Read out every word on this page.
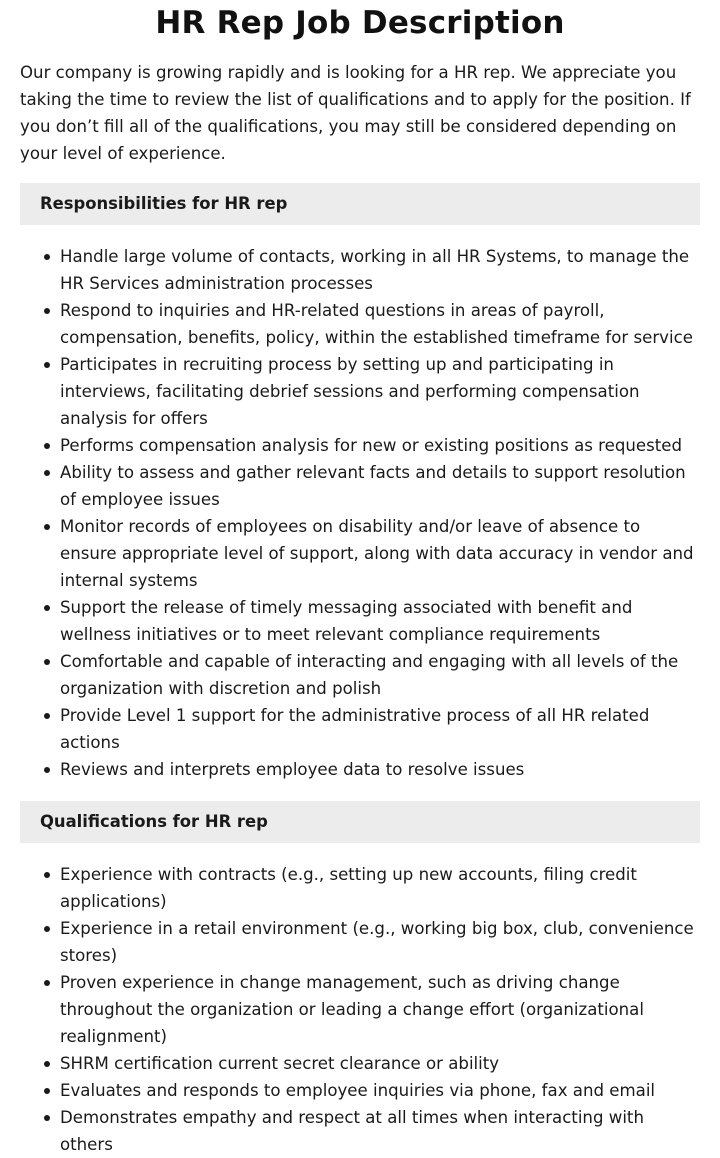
HR Rep Job Description

Our company is growing rapidly and is looking for a HR rep. We appreciate you taking the time to review the list of qualifications and to apply for the position. If you don’t fill all of the qualifications, you may still be considered depending on your level of experience.

Responsibilities for HR rep
Handle large volume of contacts, working in all HR Systems, to manage the HR Services administration processes
Respond to inquiries and HR-related questions in areas of payroll, compensation, benefits, policy, within the established timeframe for service
Participates in recruiting process by setting up and participating in interviews, facilitating debrief sessions and performing compensation analysis for offers
Performs compensation analysis for new or existing positions as requested
Ability to assess and gather relevant facts and details to support resolution of employee issues
Monitor records of employees on disability and/or leave of absence to ensure appropriate level of support, along with data accuracy in vendor and internal systems
Support the release of timely messaging associated with benefit and wellness initiatives or to meet relevant compliance requirements
Comfortable and capable of interacting and engaging with all levels of the organization with discretion and polish
Provide Level 1 support for the administrative process of all HR related actions
Reviews and interprets employee data to resolve issues
Qualifications for HR rep
Experience with contracts (e.g., setting up new accounts, filing credit applications)
Experience in a retail environment (e.g., working big box, club, convenience stores)
Proven experience in change management, such as driving change throughout the organization or leading a change effort (organizational realignment)
SHRM certification current secret clearance or ability
Evaluates and responds to employee inquiries via phone, fax and email
Demonstrates empathy and respect at all times when interacting with others
